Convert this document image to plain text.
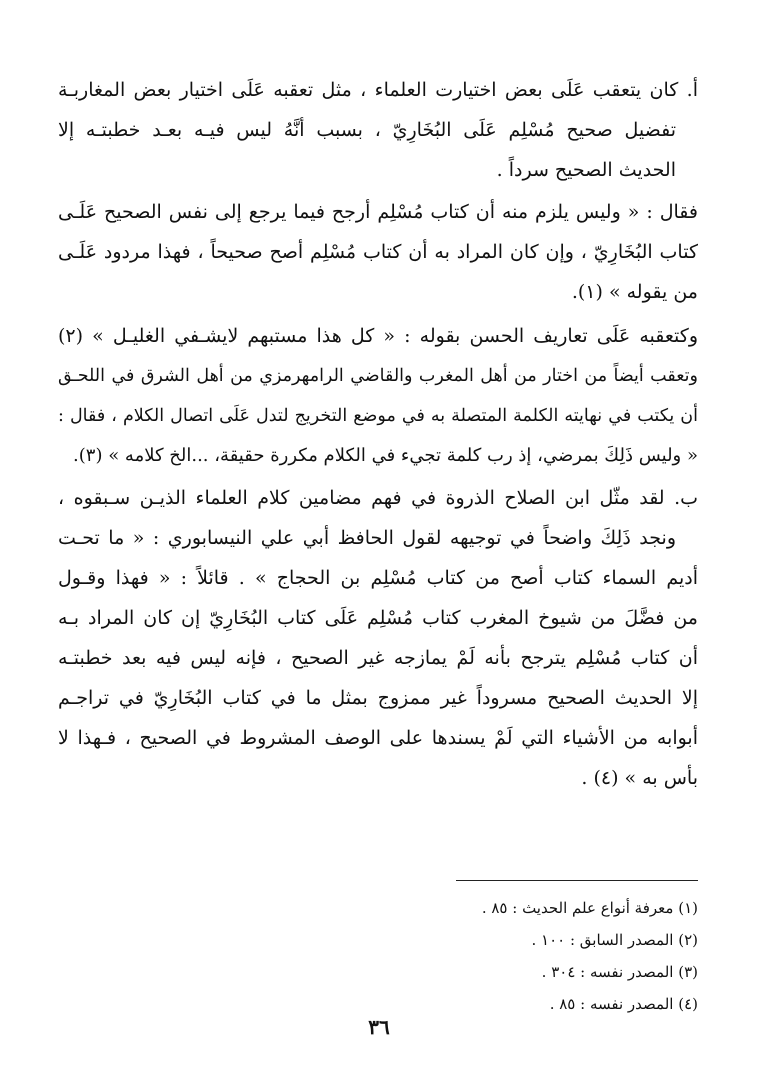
أ. كان يتعقب عَلَى بعض اختيارت العلماء ، مثل تعقبه عَلَى اختيار بعض المغاربـة
تفضيل صحيح مُسْلِم عَلَى البُخَارِيّ ، بسبب أنَّهُ ليس فيـه بعـد خطبتـه إلا
الحديث الصحيح سرداً .
فقال : « وليس يلزم منه أن كتاب مُسْلِم أرجح فيما يرجع إلى نفس الصحيح عَلَـى
كتاب البُخَارِيّ ، وإن كان المراد به أن كتاب مُسْلِم أصح صحيحاً ، فهذا مردود عَلَـى
من يقوله » (١).
وكتعقبه عَلَى تعاريف الحسن بقوله : « كل هذا مستبهم لايشـفي الغليـل » (٢)
وتعقب أيضاً من اختار من أهل المغرب والقاضي الرامهرمزي من أهل الشرق في اللحـق
أن يكتب في نهايته الكلمة المتصلة به في موضع التخريج لتدل عَلَى اتصال الكلام ، فقال :
« وليس ذَلِكَ بمرضي، إذ رب كلمة تجيء في الكلام مكررة حقيقة، ...الخ كلامه » (٣).
ب. لقد مثّل ابن الصلاح الذروة في فهم مضامين كلام العلماء الذيـن سـبقوه ،
ونجد ذَلِكَ واضحاً في توجيهه لقول الحافظ أبي علي النيسابوري : « ما تحـت
أديم السماء كتاب أصح من كتاب مُسْلِم بن الحجاج » . قائلاً : « فهذا وقـول
من فضَّلَ من شيوخ المغرب كتاب مُسْلِم عَلَى كتاب البُخَارِيّ إن كان المراد بـه
أن كتاب مُسْلِم يترجح بأنه لَمْ يمازجه غير الصحيح ، فإنه ليس فيه بعد خطبتـه
إلا الحديث الصحيح مسروداً غير ممزوج بمثل ما في كتاب البُخَارِيّ في تراجـم
أبوابه من الأشياء التي لَمْ يسندها على الوصف المشروط في الصحيح ، فـهذا لا
بأس به » (٤) .
(١) معرفة أنواع علم الحديث : ٨٥ .
(٢) المصدر السابق : ١٠٠ .
(٣) المصدر نفسه : ٣٠٤ .
(٤) المصدر نفسه : ٨٥ .
٣٦
